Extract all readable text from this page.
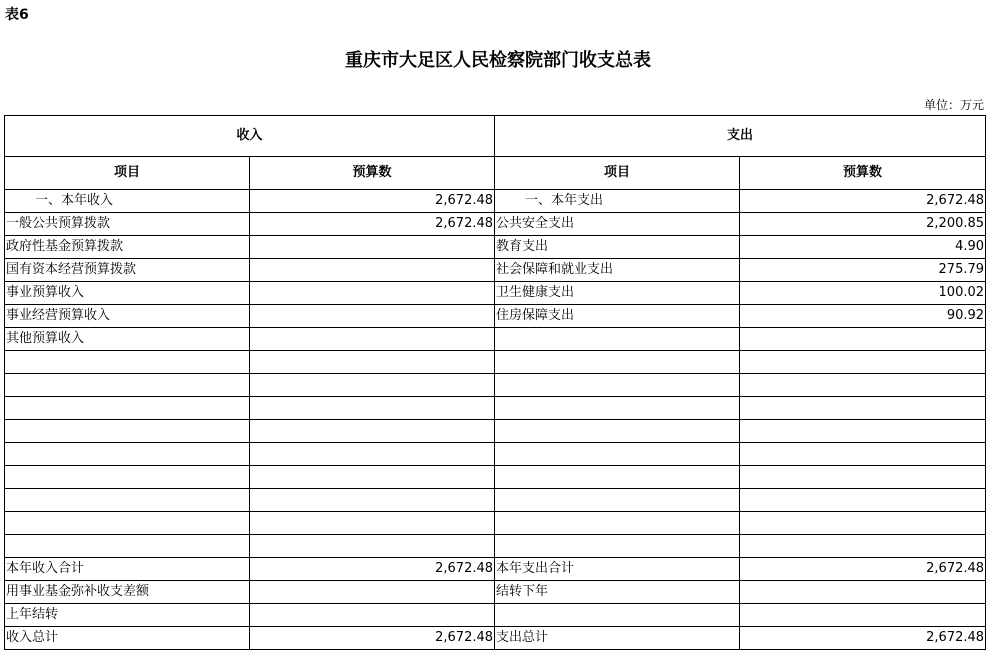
表6
重庆市大足区人民检察院部门收支总表
单位：万元
收入		支出	
项目	预算数	项目	预算数
一、本年收入	2,672.48	一、本年支出	2,672.48
一般公共预算拨款	2,672.48	公共安全支出	2,200.85
政府性基金预算拨款		教育支出	4.90
国有资本经营预算拨款		社会保障和就业支出	275.79
事业预算收入		卫生健康支出	100.02
事业经营预算收入		住房保障支出	90.92
其他预算收入			

本年收入合计	2,672.48	本年支出合计	2,672.48
用事业基金弥补收支差额		结转下年	
上年结转			
收入总计	2,672.48	支出总计	2,672.48
